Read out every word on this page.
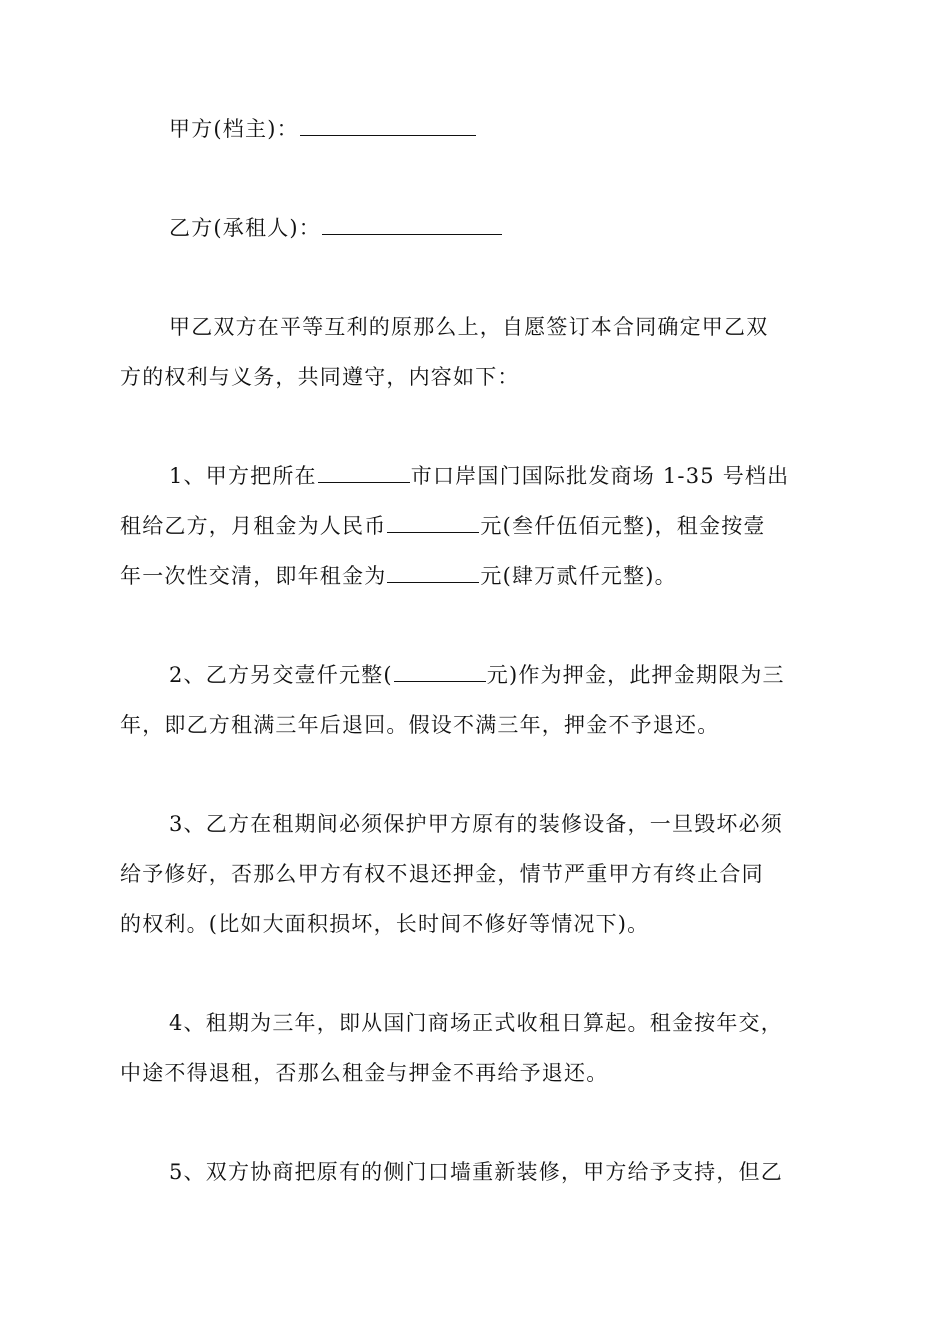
甲方(档主)：
乙方(承租人)：
甲乙双方在平等互利的原那么上，自愿签订本合同确定甲乙双
方的权利与义务，共同遵守，内容如下：
1、甲方把所在	市口岸国门国际批发商场 1-35 号档出
租给乙方，月租金为人民币	元(叁仟伍佰元整)，租金按壹
年一次性交清，即年租金为	元(肆万贰仟元整)。
2、乙方另交壹仟元整(	元)作为押金，此押金期限为三
年，即乙方租满三年后退回。假设不满三年，押金不予退还。
3、乙方在租期间必须保护甲方原有的装修设备，一旦毁坏必须
给予修好，否那么甲方有权不退还押金，情节严重甲方有终止合同
的权利。(比如大面积损坏，长时间不修好等情况下)。
4、租期为三年，即从国门商场正式收租日算起。租金按年交，
中途不得退租，否那么租金与押金不再给予退还。
5、双方协商把原有的侧门口墙重新装修，甲方给予支持，但乙
